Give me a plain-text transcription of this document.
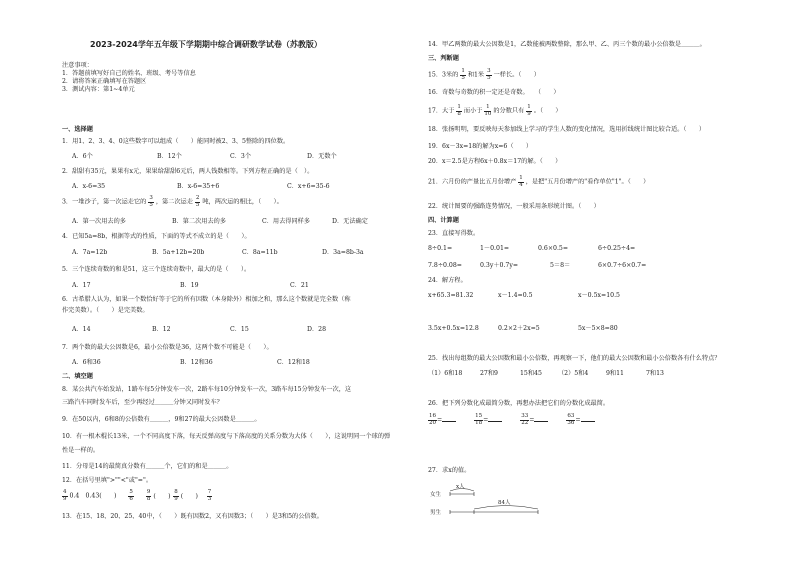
2023-2024学年五年级下学期期中综合调研数学试卷（苏教版）
注意事项：
1．答题前填写好自己的姓名、班级、考号等信息
2．请将答案正确填写在答题区
3．测试内容：第1~4单元
一、选择题
1．用1、2、3、4、0这些数字可以组成（　　）能同时被2、3、5整除的四位数。
A．6个	B．12个	C．3个	D．无数个
2．甜甜有35元，果果有x元，果果给甜甜6元后，两人钱数相等。下列方程正确的是（　）。
A．x-6=35	B．x-6=35+6	C．x+6=35-6
3．一堆沙子，第一次运走它的 $\frac{3}{5}$ ，第二次运走 $\frac{2}{5}$ 吨，两次运的相比，（　　）。
A．第一次用去的多	B．第二次用去的多	C．用去得同样多	D．无法确定
4．已知5a=8b，根据等式的性质，下面的等式不成立的是（　　）。
A．7a=12b	B．5a+12b=20b	C．8a=11b	D．3a=8b-3a
5．三个连续奇数的和是51，这三个连续奇数中，最大的是（　　）。
A．17	B．19	C．21
6．古希腊人认为，如果一个数恰好等于它的所有因数（本身除外）相加之和，那么这个数就是完全数（称
作完美数）。（　　）是完美数。
A．14	B．12	C．15	D．28
7．两个数的最大公因数是6，最小公倍数是36，这两个数不可能是（　　）。
A．6和36	B．12和36	C．12和18
二、填空题
8．某公共汽车始发站，1路车每5分钟发车一次，2路车每10分钟发车一次，3路车每15分钟发车一次，这
三路汽车同时发车后，至少再经过＿＿＿分钟又同时发车？
9．在50以内，6和8的公倍数有＿＿＿，9和27的最大公因数是＿＿＿。
10．有一根木棍长13米，一个不同高度下落，每天反弹高度与下落高度的关系分数为大体（　　），这说明同一个球的弹
性是一样的。
11．分母是14的最简真分数有＿＿＿个，它们的和是＿＿＿。
12．在括号里填">""<"或"="。
$\frac{4}{9} 0.4$　0.43(　　) $\frac{5}{6}$
$\frac{9}{8}$ (　　) $\frac{8}{9}$ (　　) $\frac{7}{3}$
13．在15、18、20、25、40中，（　　）既有因数2，又有因数3；（　　）是3和5的公倍数。
14．甲乙两数的最大公因数是1，乙数能被两数整除，那么甲、乙、丙三个数的最小公倍数是＿＿＿。
三、判断题
15．3米的 $\frac{1}{5}$ 和1米 $\frac{3}{5}$ 一样长。（　　）
16．奇数与奇数的积一定还是奇数。　　（　　）
17．大于 $\frac{1}{8}$ 而小于 $\frac{1}{10}$ 的分数只有 $\frac{1}{9}$ 。（　　）
18．张扬明明，要反映每天参加线上学习的学生人数的变化情况，选用折线统计图比较合适。（　　）
19．6x－3x=18的解为x=6（　　）
20．x＝2.5是方程6x＋0.8x＝17的解。（　　）
21．六月份的产量比五月份增产 $\frac{1}{4}$ ，是把"五月份增产的"看作单位"1"。（　　）
22．统计图要的强路连势情况，一般采用条形统计图。（　　）
四、计算题
23．直接写得数。
8÷0.1=	1－0.01=	0.6×0.5=	6÷0.25÷4=
7.8÷0.08=	0.3y＋0.7y=	5＝8＝	6×0.7÷6×0.7=
24．解方程。
x+65.3=81.32	x－1.4=0.5	x－0.5x=10.5
3.5x+0.5x=12.8	0.2×2＋2x=5	5x－5×8=80
25．找出每组数的最大公因数和最小公倍数，再观察一下，他们的最大公因数和最小公倍数各有什么特点？
（1）6和18	27和9	15和45	（2）5和4	9和11	7和13
26．把下列分数化成最简分数，再想办法把它们的分数化成最简。
$\frac{16}{20}$ =	$\frac{15}{18}$ =	$\frac{33}{22}$ =	$\frac{63}{36}$ =
27．求x的值。
x人
84人
女生
男生
